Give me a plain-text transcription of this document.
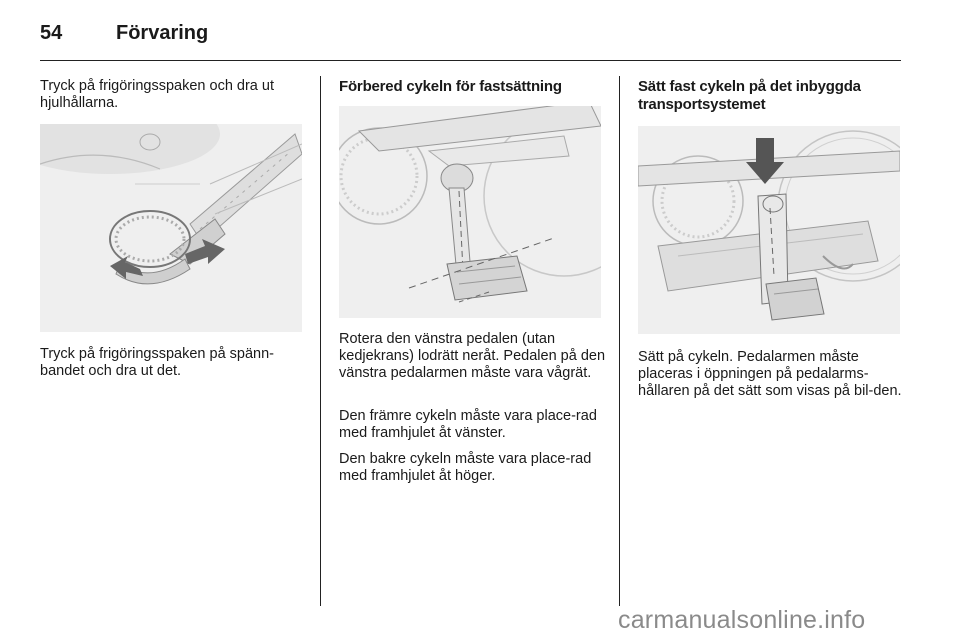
54	Förvaring

Tryck på frigöringsspaken och dra ut hjulhållarna.

Tryck på frigöringsspaken på spänn-bandet och dra ut det.

Förbered cykeln för fastsättning

Rotera den vänstra pedalen (utan kedjekrans) lodrätt neråt. Pedalen på den vänstra pedalarmen måste vara vågrät.

Den främre cykeln måste vara place-rad med framhjulet åt vänster.

Den bakre cykeln måste vara place-rad med framhjulet åt höger.

Sätt fast cykeln på det inbyggda transportsystemet

Sätt på cykeln. Pedalarmen måste placeras i öppningen på pedalarms-hållaren på det sätt som visas på bil-den.

carmanualsonline.info
